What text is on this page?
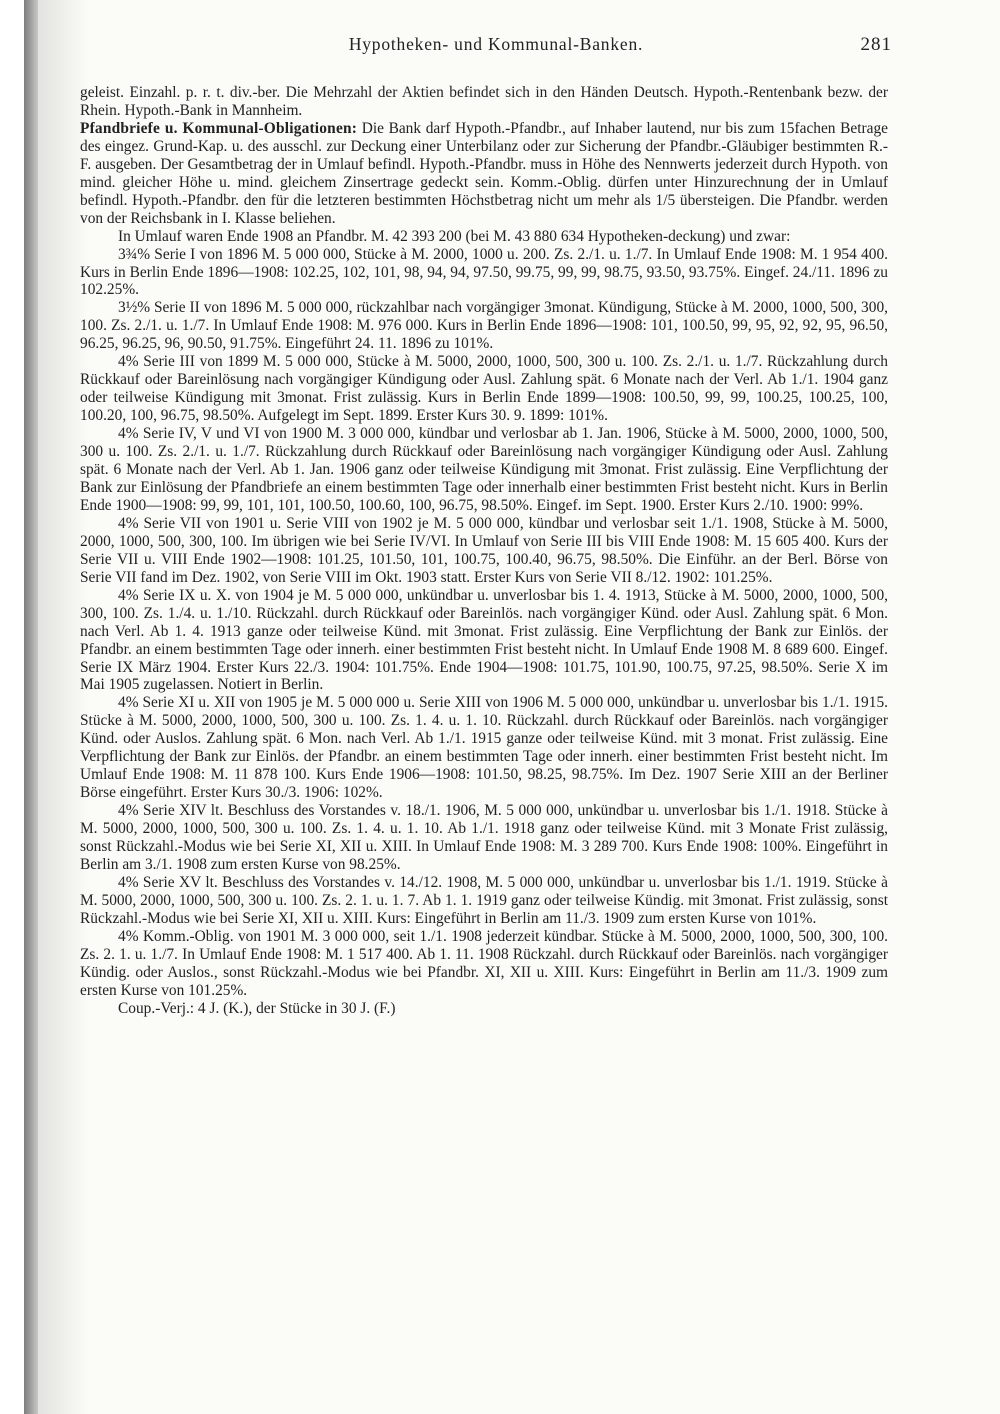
Hypotheken- und Kommunal-Banken.	281

geleist. Einzahl. p. r. t. div.-ber. Die Mehrzahl der Aktien befindet sich in den Händen Deutsch. Hypoth.-Rentenbank bezw. der Rhein. Hypoth.-Bank in Mannheim.

Pfandbriefe u. Kommunal-Obligationen: Die Bank darf Hypoth.-Pfandbr., auf Inhaber lautend, nur bis zum 15fachen Betrage des eingez. Grund-Kap. u. des ausschl. zur Deckung einer Unterbilanz oder zur Sicherung der Pfandbr.-Gläubiger bestimmten R.-F. ausgeben. Der Gesamtbetrag der in Umlauf befindl. Hypoth.-Pfandbr. muss in Höhe des Nennwerts jederzeit durch Hypoth. von mind. gleicher Höhe u. mind. gleichem Zinsertrage gedeckt sein. Komm.-Oblig. dürfen unter Hinzurechnung der in Umlauf befindl. Hypoth.-Pfandbr. den für die letzteren bestimmten Höchstbetrag nicht um mehr als 1/5 übersteigen. Die Pfandbr. werden von der Reichsbank in I. Klasse beliehen.

In Umlauf waren Ende 1908 an Pfandbr. M. 42 393 200 (bei M. 43 880 634 Hypotheken-deckung) und zwar:

3¾% Serie I von 1896 M. 5 000 000, Stücke à M. 2000, 1000 u. 200. Zs. 2./1. u. 1./7. In Umlauf Ende 1908: M. 1 954 400. Kurs in Berlin Ende 1896—1908: 102.25, 102, 101, 98, 94, 94, 97.50, 99.75, 99, 99, 98.75, 93.50, 93.75%. Eingef. 24./11. 1896 zu 102.25%.

3½% Serie II von 1896 M. 5 000 000, rückzahlbar nach vorgängiger 3monat. Kündigung, Stücke à M. 2000, 1000, 500, 300, 100. Zs. 2./1. u. 1./7. In Umlauf Ende 1908: M. 976 000. Kurs in Berlin Ende 1896—1908: 101, 100.50, 99, 95, 92, 92, 95, 96.50, 96.25, 96.25, 96, 90.50, 91.75%. Eingeführt 24. 11. 1896 zu 101%.

4% Serie III von 1899 M. 5 000 000, Stücke à M. 5000, 2000, 1000, 500, 300 u. 100. Zs. 2./1. u. 1./7. Rückzahlung durch Rückkauf oder Bareinlösung nach vorgängiger Kündigung oder Ausl. Zahlung spät. 6 Monate nach der Verl. Ab 1./1. 1904 ganz oder teilweise Kündigung mit 3monat. Frist zulässig. Kurs in Berlin Ende 1899—1908: 100.50, 99, 99, 100.25, 100.25, 100, 100.20, 100, 96.75, 98.50%. Aufgelegt im Sept. 1899. Erster Kurs 30. 9. 1899: 101%.

4% Serie IV, V und VI von 1900 M. 3 000 000, kündbar und verlosbar ab 1. Jan. 1906, Stücke à M. 5000, 2000, 1000, 500, 300 u. 100. Zs. 2./1. u. 1./7. Rückzahlung durch Rückkauf oder Bareinlösung nach vorgängiger Kündigung oder Ausl. Zahlung spät. 6 Monate nach der Verl. Ab 1. Jan. 1906 ganz oder teilweise Kündigung mit 3monat. Frist zulässig. Eine Verpflichtung der Bank zur Einlösung der Pfandbriefe an einem bestimmten Tage oder innerhalb einer bestimmten Frist besteht nicht. Kurs in Berlin Ende 1900—1908: 99, 99, 101, 101, 100.50, 100.60, 100, 96.75, 98.50%. Eingef. im Sept. 1900. Erster Kurs 2./10. 1900: 99%.

4% Serie VII von 1901 u. Serie VIII von 1902 je M. 5 000 000, kündbar und verlosbar seit 1./1. 1908, Stücke à M. 5000, 2000, 1000, 500, 300, 100. Im übrigen wie bei Serie IV/VI. In Umlauf von Serie III bis VIII Ende 1908: M. 15 605 400. Kurs der Serie VII u. VIII Ende 1902—1908: 101.25, 101.50, 101, 100.75, 100.40, 96.75, 98.50%. Die Einführ. an der Berl. Börse von Serie VII fand im Dez. 1902, von Serie VIII im Okt. 1903 statt. Erster Kurs von Serie VII 8./12. 1902: 101.25%.

4% Serie IX u. X. von 1904 je M. 5 000 000, unkündbar u. unverlosbar bis 1. 4. 1913, Stücke à M. 5000, 2000, 1000, 500, 300, 100. Zs. 1./4. u. 1./10. Rückzahl. durch Rückkauf oder Bareinlös. nach vorgängiger Künd. oder Ausl. Zahlung spät. 6 Mon. nach Verl. Ab 1. 4. 1913 ganze oder teilweise Künd. mit 3monat. Frist zulässig. Eine Verpflichtung der Bank zur Einlös. der Pfandbr. an einem bestimmten Tage oder innerh. einer bestimmten Frist besteht nicht. In Umlauf Ende 1908 M. 8 689 600. Eingef. Serie IX März 1904. Erster Kurs 22./3. 1904: 101.75%. Ende 1904—1908: 101.75, 101.90, 100.75, 97.25, 98.50%. Serie X im Mai 1905 zugelassen. Notiert in Berlin.

4% Serie XI u. XII von 1905 je M. 5 000 000 u. Serie XIII von 1906 M. 5 000 000, unkündbar u. unverlosbar bis 1./1. 1915. Stücke à M. 5000, 2000, 1000, 500, 300 u. 100. Zs. 1. 4. u. 1. 10. Rückzahl. durch Rückkauf oder Bareinlös. nach vorgängiger Künd. oder Auslos. Zahlung spät. 6 Mon. nach Verl. Ab 1./1. 1915 ganze oder teilweise Künd. mit 3 monat. Frist zulässig. Eine Verpflichtung der Bank zur Einlös. der Pfandbr. an einem bestimmten Tage oder innerh. einer bestimmten Frist besteht nicht. Im Umlauf Ende 1908: M. 11 878 100. Kurs Ende 1906—1908: 101.50, 98.25, 98.75%. Im Dez. 1907 Serie XIII an der Berliner Börse eingeführt. Erster Kurs 30./3. 1906: 102%.

4% Serie XIV lt. Beschluss des Vorstandes v. 18./1. 1906, M. 5 000 000, unkündbar u. unverlosbar bis 1./1. 1918. Stücke à M. 5000, 2000, 1000, 500, 300 u. 100. Zs. 1. 4. u. 1. 10. Ab 1./1. 1918 ganz oder teilweise Künd. mit 3 Monate Frist zulässig, sonst Rückzahl.-Modus wie bei Serie XI, XII u. XIII. In Umlauf Ende 1908: M. 3 289 700. Kurs Ende 1908: 100%. Eingeführt in Berlin am 3./1. 1908 zum ersten Kurse von 98.25%.

4% Serie XV lt. Beschluss des Vorstandes v. 14./12. 1908, M. 5 000 000, unkündbar u. unverlosbar bis 1./1. 1919. Stücke à M. 5000, 2000, 1000, 500, 300 u. 100. Zs. 2. 1. u. 1. 7. Ab 1. 1. 1919 ganz oder teilweise Kündig. mit 3monat. Frist zulässig, sonst Rückzahl.-Modus wie bei Serie XI, XII u. XIII. Kurs: Eingeführt in Berlin am 11./3. 1909 zum ersten Kurse von 101%.

4% Komm.-Oblig. von 1901 M. 3 000 000, seit 1./1. 1908 jederzeit kündbar. Stücke à M. 5000, 2000, 1000, 500, 300, 100. Zs. 2. 1. u. 1./7. In Umlauf Ende 1908: M. 1 517 400. Ab 1. 11. 1908 Rückzahl. durch Rückkauf oder Bareinlös. nach vorgängiger Kündig. oder Auslos., sonst Rückzahl.-Modus wie bei Pfandbr. XI, XII u. XIII. Kurs: Eingeführt in Berlin am 11./3. 1909 zum ersten Kurse von 101.25%.

Coup.-Verj.: 4 J. (K.), der Stücke in 30 J. (F.)
